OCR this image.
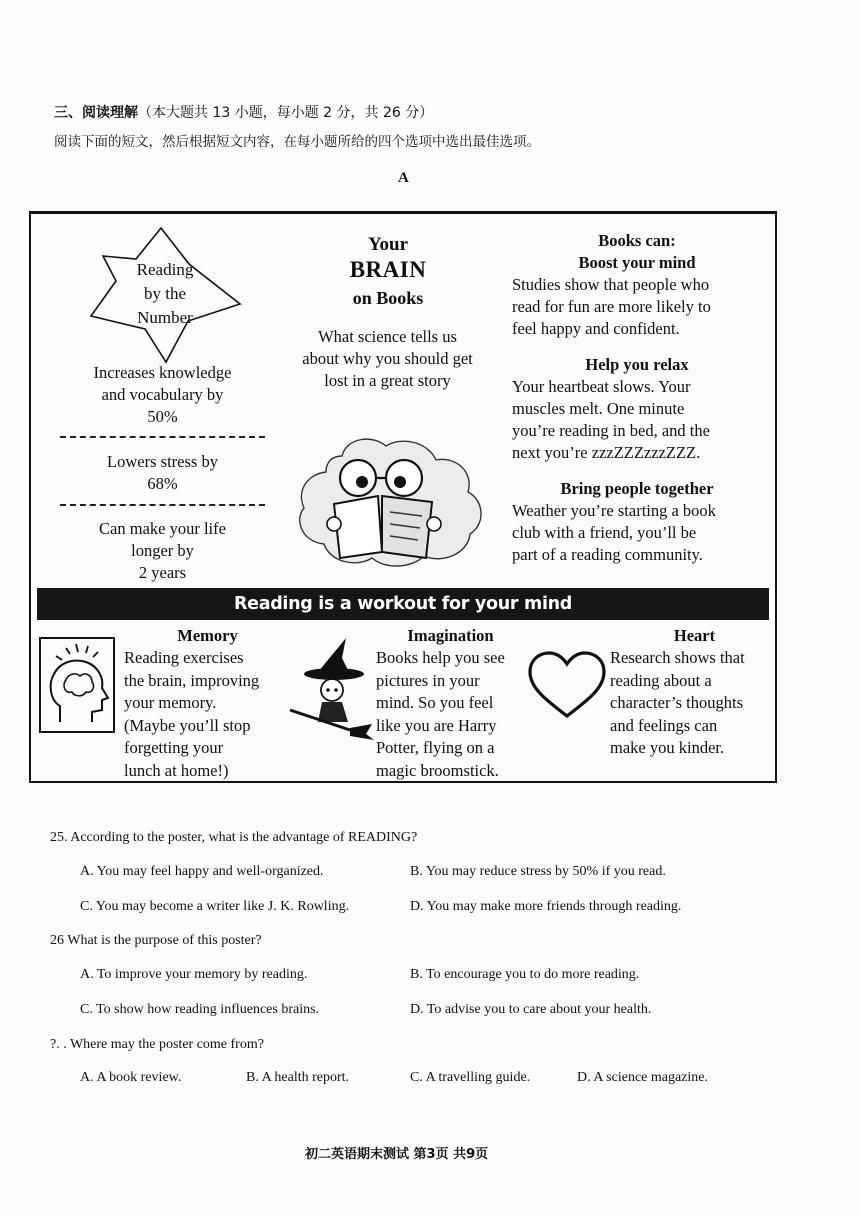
三、阅读理解（本大题共 13 小题，每小题 2 分，共 26 分）
阅读下面的短文，然后根据短文内容，在每小题所给的四个选项中选出最佳选项。
A
Reading
by the
Number
Increases knowledge
and vocabulary by
50%
Lowers stress by
68%
Can make your life
longer by
2 years
Your
BRAIN
on Books
What science tells us
about why you should get
lost in a great story
Books can:
Boost your mind
Studies show that people who
read for fun are more likely to
feel happy and confident.
Help you relax
Your heartbeat slows. Your
muscles melt. One minute
you’re reading in bed, and the
next you’re zzzZZZzzzZZZ.
Bring people together
Weather you’re starting a book
club with a friend, you’ll be
part of a reading community.
Reading is a workout for your mind
Memory
Reading exercises
the brain, improving
your memory.
(Maybe you’ll stop
forgetting your
lunch at home!)
Imagination
Books help you see
pictures in your
mind. So you feel
like you are Harry
Potter, flying on a
magic broomstick.
Heart
Research shows that
reading about a
character’s thoughts
and feelings can
make you kinder.
25. According to the poster, what is the advantage of READING?
A. You may feel happy and well-organized.	B. You may reduce stress by 50% if you read.
C. You may become a writer like J. K. Rowling.	D. You may make more friends through reading.
26 What is the purpose of this poster?
A. To improve your memory by reading.	B. To encourage you to do more reading.
C. To show how reading influences brains.	D. To advise you to care about your health.
?. . Where may the poster come from?
A. A book review.	B. A health report.	C. A travelling guide.	D. A science magazine.
初二英语期末测试 第3页 共9页
